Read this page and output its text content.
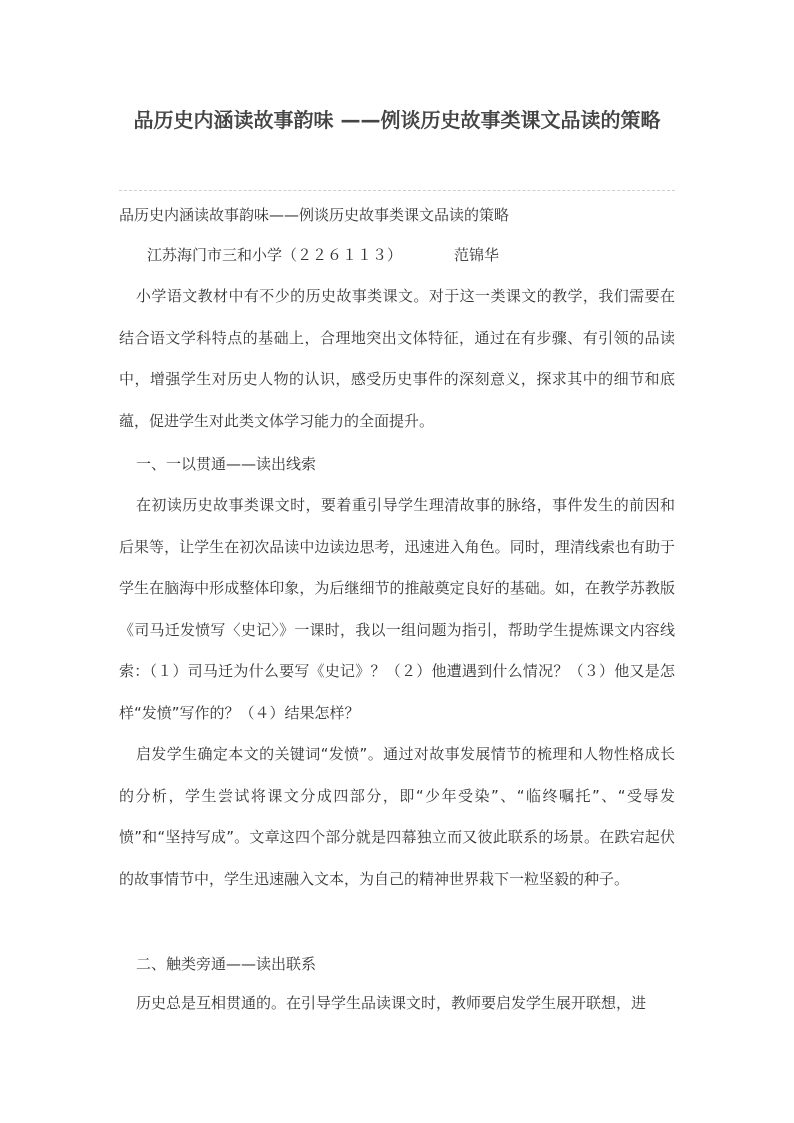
品历史内涵读故事韵味 ——例谈历史故事类课文品读的策略

品历史内涵读故事韵味——例谈历史故事类课文品读的策略

江苏海门市三和小学（２２６１１３）	范锦华

小学语文教材中有不少的历史故事类课文。对于这一类课文的教学，我们需要在结合语文学科特点的基础上，合理地突出文体特征，通过在有步骤、有引领的品读中，增强学生对历史人物的认识，感受历史事件的深刻意义，探求其中的细节和底蕴，促进学生对此类文体学习能力的全面提升。

一、一以贯通——读出线索

在初读历史故事类课文时，要着重引导学生理清故事的脉络，事件发生的前因和后果等，让学生在初次品读中边读边思考，迅速进入角色。同时，理清线索也有助于学生在脑海中形成整体印象，为后继细节的推敲奠定良好的基础。如，在教学苏教版《司马迁发愤写〈史记〉》一课时，我以一组问题为指引，帮助学生提炼课文内容线索：（１）司马迁为什么要写《史记》？（２）他遭遇到什么情况？（３）他又是怎样“发愤”写作的？（４）结果怎样？

启发学生确定本文的关键词“发愤”。通过对故事发展情节的梳理和人物性格成长的分析，学生尝试将课文分成四部分，即“少年受染”、“临终嘱托”、“受辱发愤”和“坚持写成”。文章这四个部分就是四幕独立而又彼此联系的场景。在跌宕起伏的故事情节中，学生迅速融入文本，为自己的精神世界栽下一粒坚毅的种子。

二、触类旁通——读出联系

历史总是互相贯通的。在引导学生品读课文时，教师要启发学生展开联想，进
